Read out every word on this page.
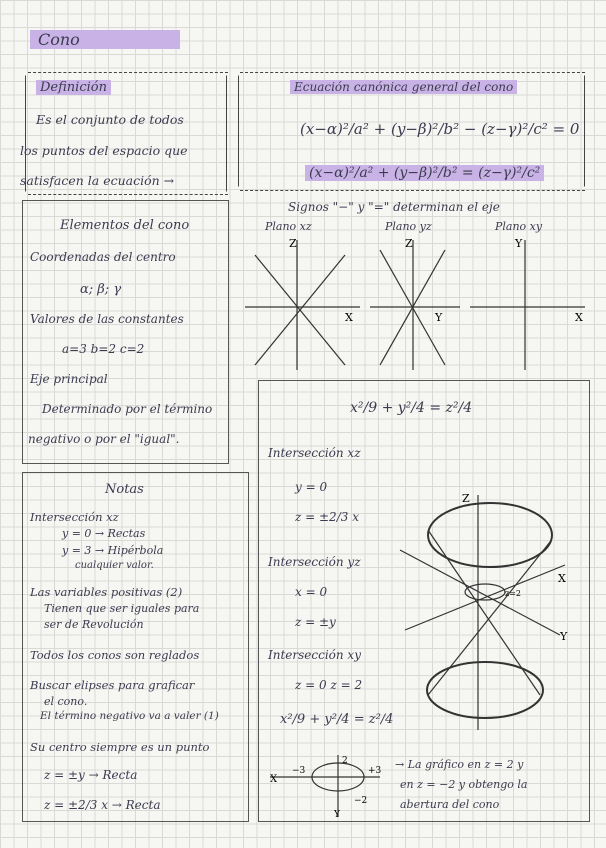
Cono
Definición
Es el conjunto de todos
los puntos del espacio que
satisfacen la ecuación →
Ecuación canónica general del cono
(x−α)²/a² + (y−β)²/b² − (z−γ)²/c² = 0
(x−α)²/a² + (y−β)²/b² = (z−γ)²/c²
Signos "−" y "=" determinan el eje
Plano xz	Plano yz	Plano xy
Z
X
Z
Y
Y
X
Elementos del cono
Coordenadas del centro
α; β; γ
Valores de las constantes
a=3 b=2 c=2
Eje principal
Determinado por el término
negativo o por el "igual".
x²/9 + y²/4 = z²/4
Intersección xz
y = 0
z = ±2/3 x
Intersección yz
x = 0
z = ±y
Intersección xy
z = 0 z = 2
x²/9 + y²/4 = z²/4
→ La gráfico en z = 2 y
en z = −2 y obtengo la
abertura del cono
Z
X
Y
z=2
X
−3	+3
2
−2
Y
Notas
Intersección xz
y = 0 → Rectas
y = 3 → Hipérbola
cualquier valor.
Las variables positivas (2)
Tienen que ser iguales para
ser de Revolución
Todos los conos son reglados
Buscar elipses para graficar
el cono.
El término negativo va a valer (1)
Su centro siempre es un punto
z = ±y → Recta
z = ±2/3 x → Recta
